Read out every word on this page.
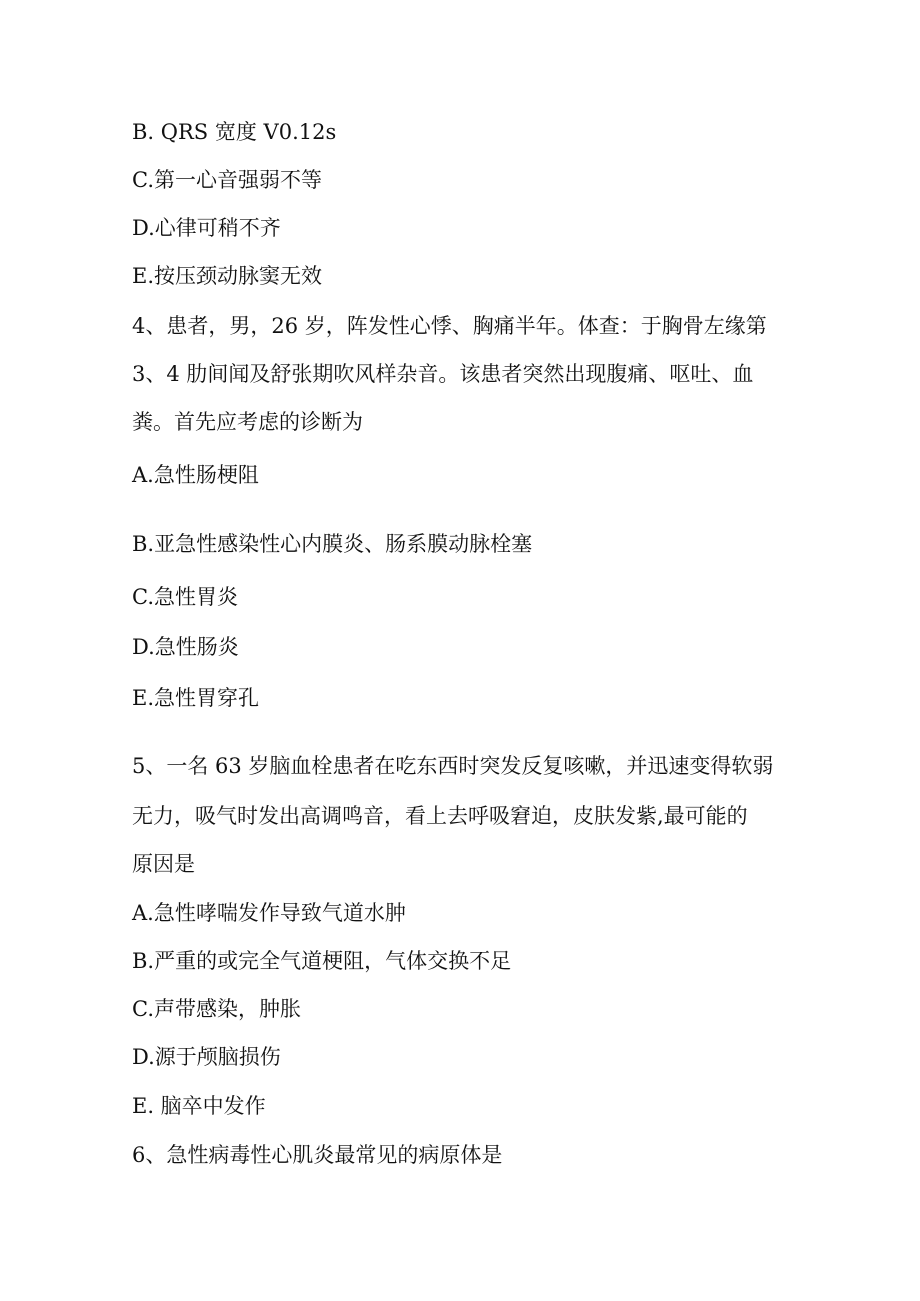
B. QRS 宽度 V0.12s
C.第一心音强弱不等
D.心律可稍不齐
E.按压颈动脉窦无效
4、患者，男，26 岁，阵发性心悸、胸痛半年。体查：于胸骨左缘第
3、4 肋间闻及舒张期吹风样杂音。该患者突然出现腹痛、呕吐、血
粪。首先应考虑的诊断为
A.急性肠梗阻
B.亚急性感染性心内膜炎、肠系膜动脉栓塞
C.急性胃炎
D.急性肠炎
E.急性胃穿孔
5、一名 63 岁脑血栓患者在吃东西时突发反复咳嗽，并迅速变得软弱
无力，吸气时发出高调鸣音，看上去呼吸窘迫，皮肤发紫,最可能的
原因是
A.急性哮喘发作导致气道水肿
B.严重的或完全气道梗阻，气体交换不足
C.声带感染，肿胀
D.源于颅脑损伤
E. 脑卒中发作
6、急性病毒性心肌炎最常见的病原体是
